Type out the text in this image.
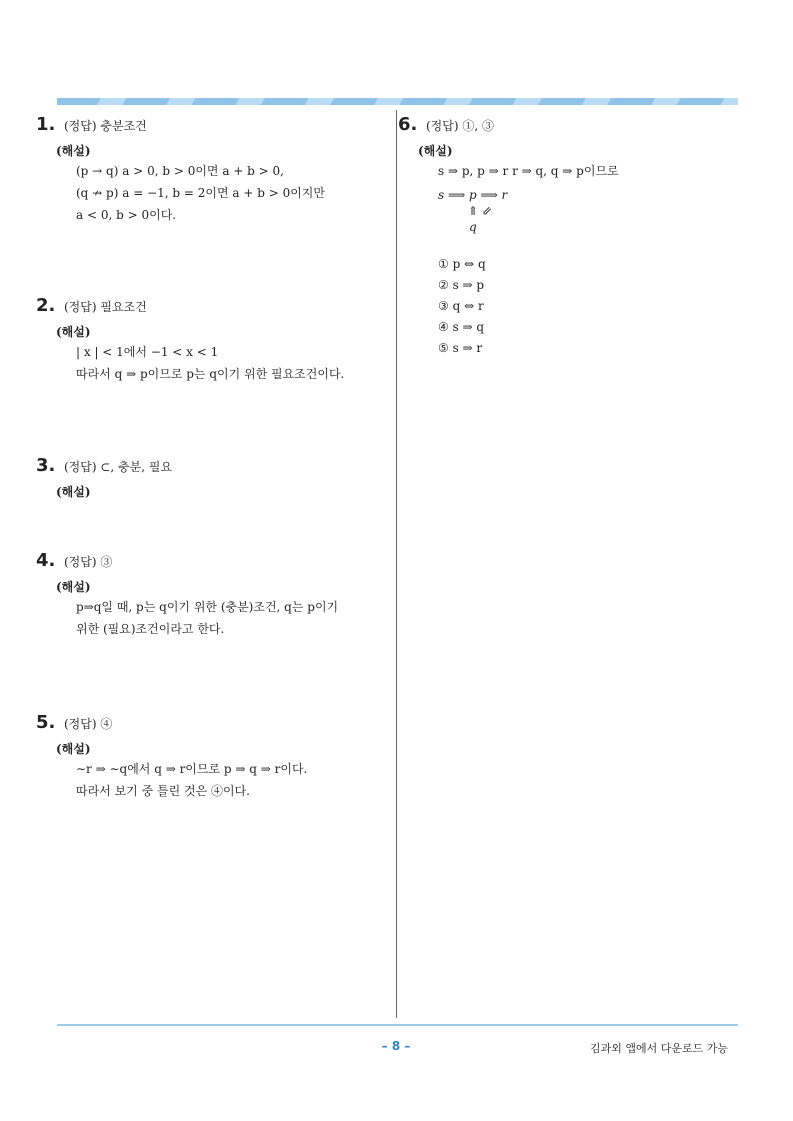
1. (정답) 충분조건
(해설)
(p → q) a > 0, b > 0이면 a + b > 0,
(q ↛ p) a = −1, b = 2이면 a + b > 0이지만
a < 0, b > 0이다.
2. (정답) 필요조건
(해설)
| x | < 1에서 −1 < x < 1
따라서 q ⇒ p이므로 p는 q이기 위한 필요조건이다.
3. (정답) ⊂, 충분, 필요
(해설)
4. (정답) ③
(해설)
p⇒q일 때, p는 q이기 위한 (충분)조건, q는 p이기
위한 (필요)조건이라고 한다.
5. (정답) ④
(해설)
∼r ⇒ ∼q에서 q ⇒ r이므로 p ⇒ q ⇒ r이다.
따라서 보기 중 틀린 것은 ④이다.
6. (정답) ①, ③
(해설)
s ⇒ p, p ⇒ r r ⇒ q, q ⇒ p이므로
s ⟹ p ⟹ r
⇑ ⇙
q
① p ⇔ q
② s ⇒ p
③ q ⇔ r
④ s ⇒ q
⑤ s ⇒ r
– 8 –	김과외 앱에서 다운로드 가능
